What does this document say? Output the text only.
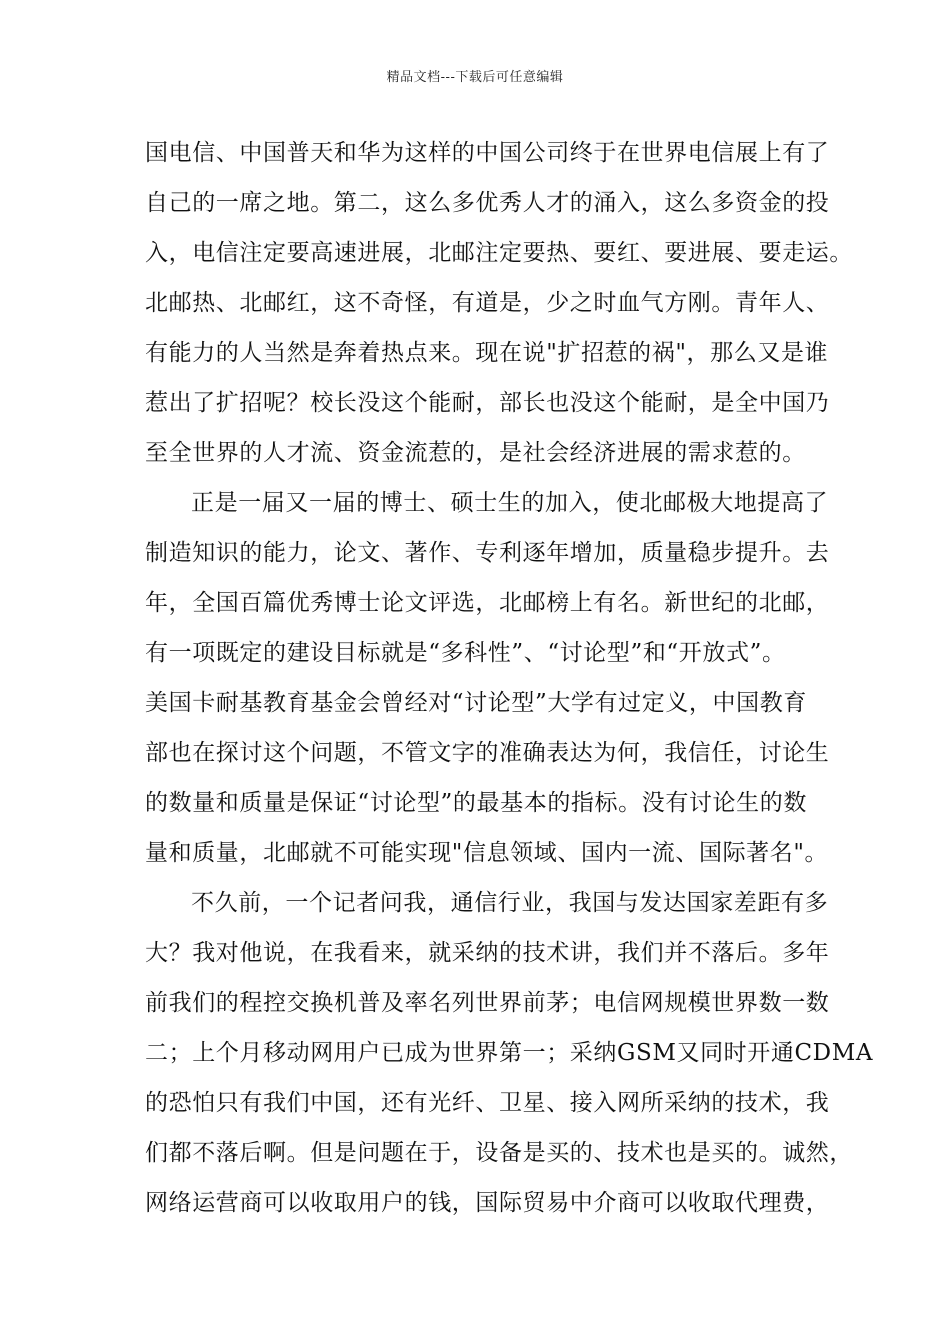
精品文档---下载后可任意编辑
国电信、中国普天和华为这样的中国公司终于在世界电信展上有了
自己的一席之地。第二，这么多优秀人才的涌入，这么多资金的投
入，电信注定要高速进展，北邮注定要热、要红、要进展、要走运。
北邮热、北邮红，这不奇怪，有道是，少之时血气方刚。青年人、
有能力的人当然是奔着热点来。现在说"扩招惹的祸"，那么又是谁
惹出了扩招呢？校长没这个能耐，部长也没这个能耐，是全中国乃
至全世界的人才流、资金流惹的，是社会经济进展的需求惹的。
正是一届又一届的博士、硕士生的加入，使北邮极大地提高了
制造知识的能力，论文、著作、专利逐年增加，质量稳步提升。去
年，全国百篇优秀博士论文评选，北邮榜上有名。新世纪的北邮，
有一项既定的建设目标就是“多科性”、“讨论型”和“开放式”。
美国卡耐基教育基金会曾经对“讨论型”大学有过定义，中国教育
部也在探讨这个问题，不管文字的准确表达为何，我信任，讨论生
的数量和质量是保证“讨论型”的最基本的指标。没有讨论生的数
量和质量，北邮就不可能实现"信息领域、国内一流、国际著名"。
不久前，一个记者问我，通信行业，我国与发达国家差距有多
大？我对他说，在我看来，就采纳的技术讲，我们并不落后。多年
前我们的程控交换机普及率名列世界前茅；电信网规模世界数一数
二；上个月移动网用户已成为世界第一；采纳GSM又同时开通CDMA
的恐怕只有我们中国，还有光纤、卫星、接入网所采纳的技术，我
们都不落后啊。但是问题在于，设备是买的、技术也是买的。诚然，
网络运营商可以收取用户的钱，国际贸易中介商可以收取代理费，
